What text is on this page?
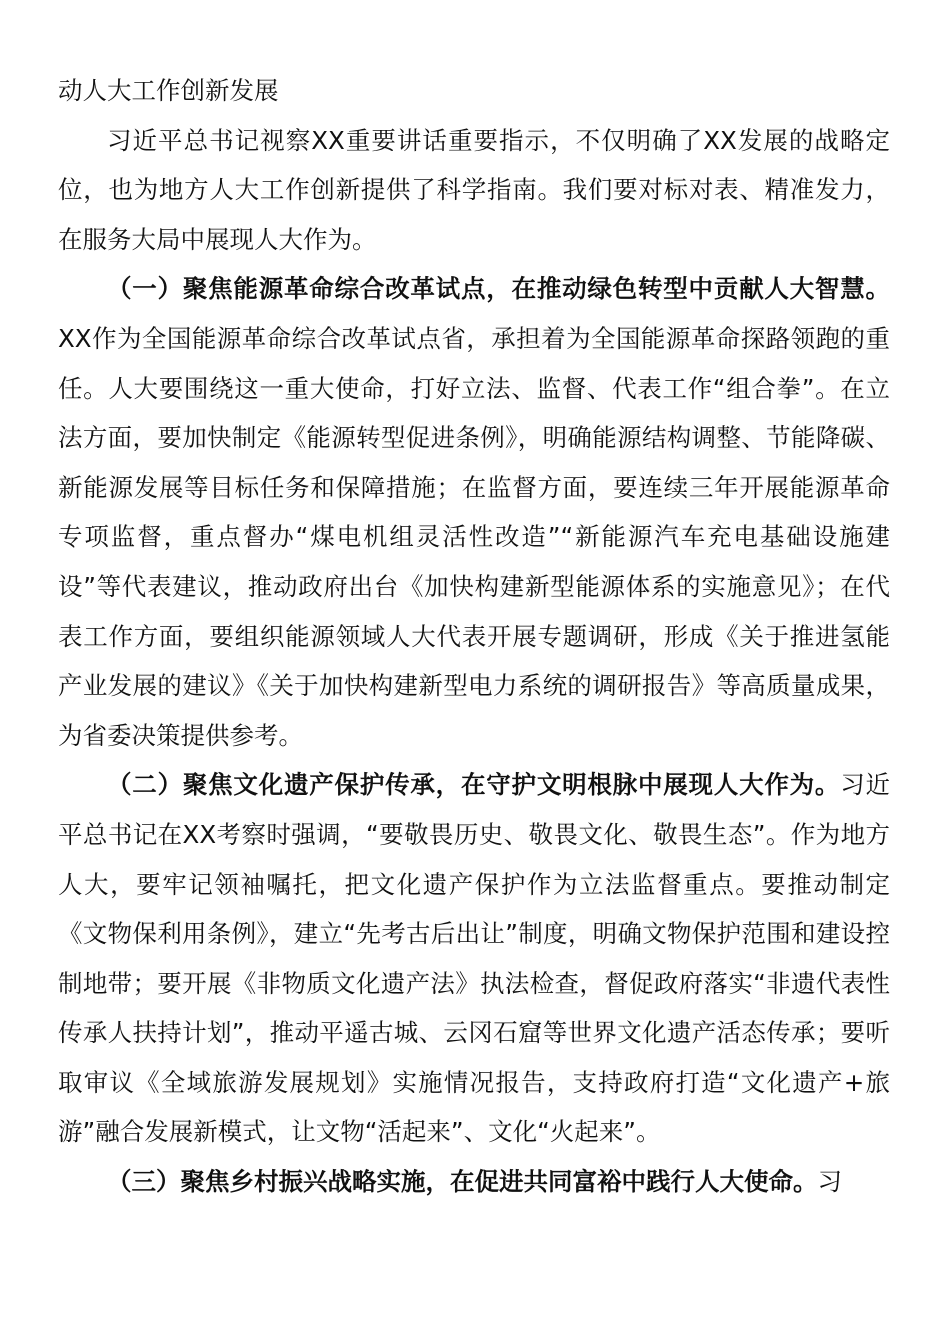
动人大工作创新发展

习近平总书记视察XX重要讲话重要指示，不仅明确了XX发展的战略定位，也为地方人大工作创新提供了科学指南。我们要对标对表、精准发力，在服务大局中展现人大作为。

（一）聚焦能源革命综合改革试点，在推动绿色转型中贡献人大智慧。XX作为全国能源革命综合改革试点省，承担着为全国能源革命探路领跑的重任。人大要围绕这一重大使命，打好立法、监督、代表工作“组合拳”。在立法方面，要加快制定《能源转型促进条例》，明确能源结构调整、节能降碳、新能源发展等目标任务和保障措施；在监督方面，要连续三年开展能源革命专项监督，重点督办“煤电机组灵活性改造”“新能源汽车充电基础设施建设”等代表建议，推动政府出台《加快构建新型能源体系的实施意见》；在代表工作方面，要组织能源领域人大代表开展专题调研，形成《关于推进氢能产业发展的建议》《关于加快构建新型电力系统的调研报告》等高质量成果，为省委决策提供参考。

（二）聚焦文化遗产保护传承，在守护文明根脉中展现人大作为。习近平总书记在XX考察时强调，“要敬畏历史、敬畏文化、敬畏生态”。作为地方人大，要牢记领袖嘱托，把文化遗产保护作为立法监督重点。要推动制定《文物保利用条例》，建立“先考古后出让”制度，明确文物保护范围和建设控制地带；要开展《非物质文化遗产法》执法检查，督促政府落实“非遗代表性传承人扶持计划”，推动平遥古城、云冈石窟等世界文化遗产活态传承；要听取审议《全域旅游发展规划》实施情况报告，支持政府打造“文化遗产+旅游”融合发展新模式，让文物“活起来”、文化“火起来”。

（三）聚焦乡村振兴战略实施，在促进共同富裕中践行人大使命。习
